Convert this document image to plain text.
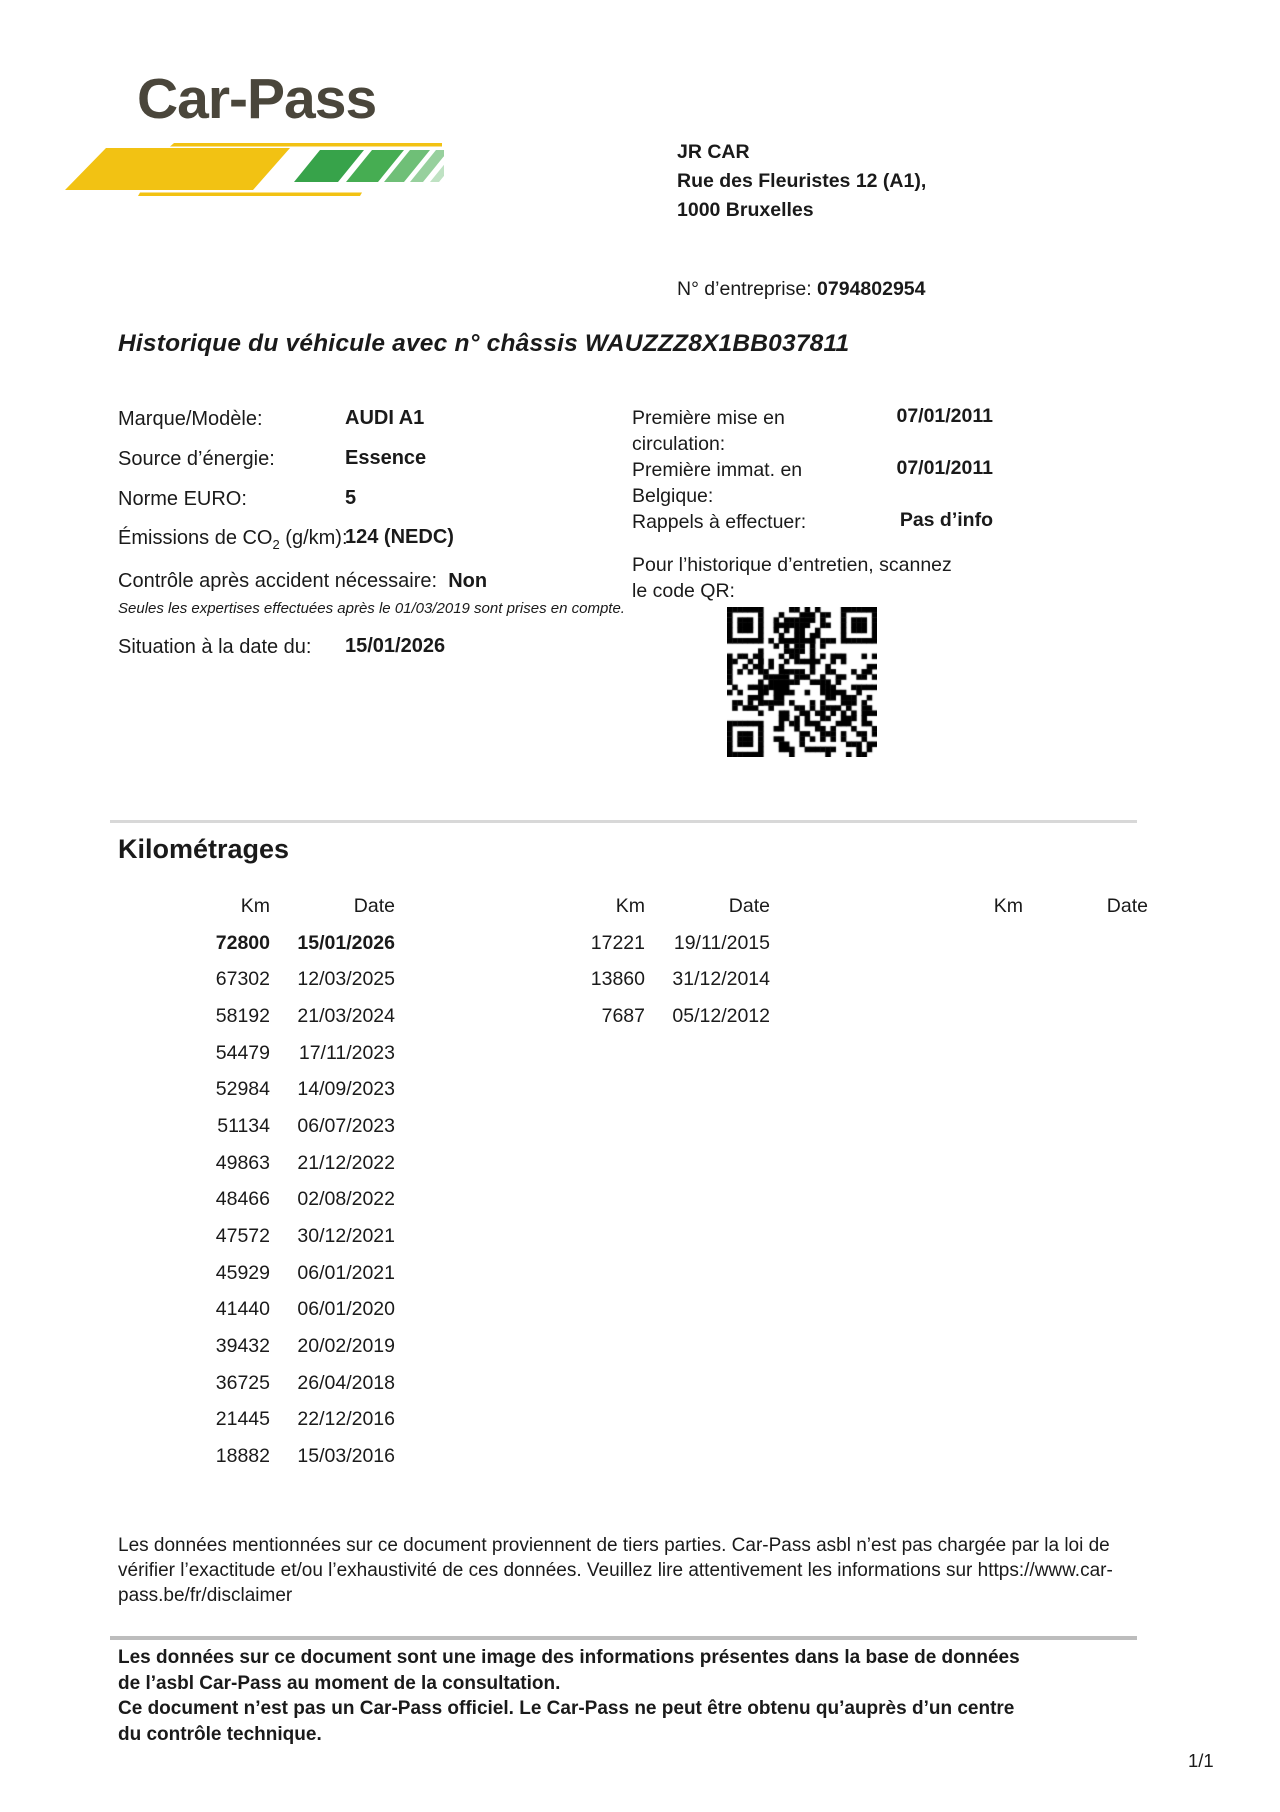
Car-Pass
JR CAR
Rue des Fleuristes 12 (A1),
1000 Bruxelles
N° d’entreprise: 0794802954
Historique du véhicule avec n° châssis WAUZZZ8X1BB037811
Marque/Modèle:	AUDI A1
Source d’énergie:	Essence
Norme EURO:	5
Émissions de $CO_2$ (g/km):
124 (NEDC)
Contrôle après accident nécessaire: Non
Seules les expertises effectuées après le 01/03/2019 sont prises en compte.
Situation à la date du: 15/01/2026
Première mise en circulation:
07/01/2011
Première immat. en Belgique:
07/01/2011
Rappels à effectuer:	Pas d’info
Pour l’historique d’entretien, scannez le code QR:
Kilométrages
Km	Date
72800	15/01/2026
67302	12/03/2025
58192	21/03/2024
54479	17/11/2023
52984	14/09/2023
51134	06/07/2023
49863	21/12/2022
48466	02/08/2022
47572	30/12/2021
45929	06/01/2021
41440	06/01/2020
39432	20/02/2019
36725	26/04/2018
21445	22/12/2016
18882	15/03/2016
Km	Date
17221	19/11/2015
13860	31/12/2014
7687	05/12/2012
Km	Date
Les données mentionnées sur ce document proviennent de tiers parties. Car-Pass asbl n’est pas chargée par la loi de vérifier l’exactitude et/ou l’exhaustivité de ces données. Veuillez lire attentivement les informations sur https://www.car-pass.be/fr/disclaimer
Les données sur ce document sont une image des informations présentes dans la base de données de l’asbl Car-Pass au moment de la consultation.
Ce document n’est pas un Car-Pass officiel. Le Car-Pass ne peut être obtenu qu’auprès d’un centre du contrôle technique.
1/1
